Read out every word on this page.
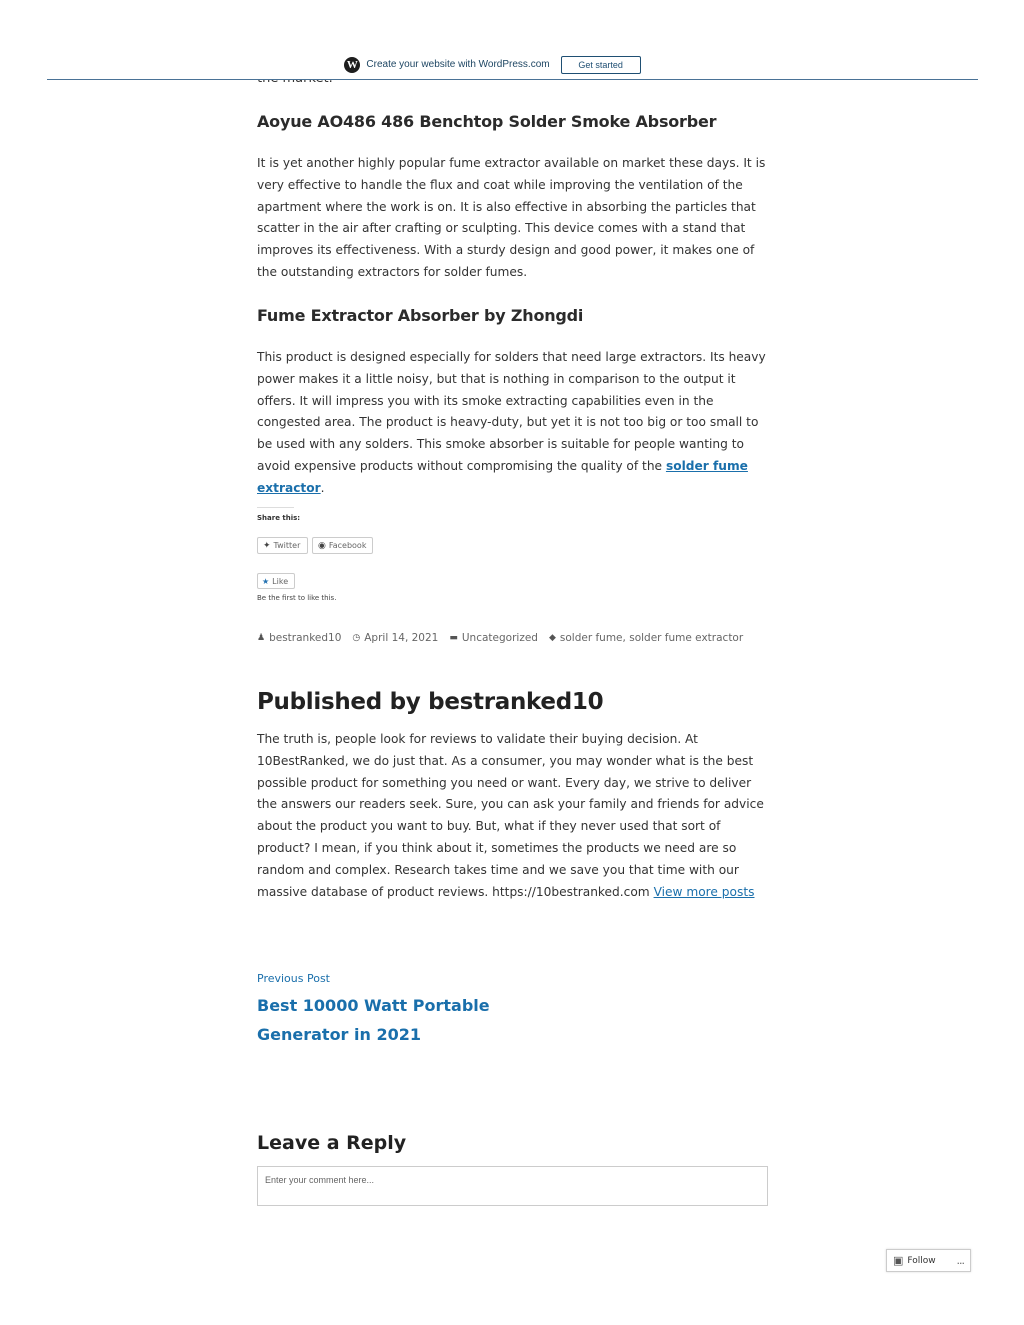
W Create your website with WordPress.com	Get started
Aoyue AO486 486 Benchtop Solder Smoke Absorber

It is yet another highly popular fume extractor available on market these days. It is very effective to handle the flux and coat while improving the ventilation of the apartment where the work is on. It is also effective in absorbing the particles that scatter in the air after crafting or sculpting. This device comes with a stand that improves its effectiveness. With a sturdy design and good power, it makes one of the outstanding extractors for solder fumes.

Fume Extractor Absorber by Zhongdi

This product is designed especially for solders that need large extractors. Its heavy power makes it a little noisy, but that is nothing in comparison to the output it offers. It will impress you with its smoke extracting capabilities even in the congested area. The product is heavy-duty, but yet it is not too big or too small to be used with any solders. This smoke absorber is suitable for people wanting to avoid expensive products without compromising the quality of the solder fume extractor.

Share this:
✦ Twitter ◉ Facebook
★ Like
Be the first to like this.
♟ bestranked10 ◷ April 14, 2021 ▬ Uncategorized ◆ solder fume , solder fume extractor
Published by bestranked10

The truth is, people look for reviews to validate their buying decision. At 10BestRanked, we do just that. As a consumer, you may wonder what is the best possible product for something you need or want. Every day, we strive to deliver the answers our readers seek. Sure, you can ask your family and friends for advice about the product you want to buy. But, what if they never used that sort of product? I mean, if you think about it, sometimes the products we need are so random and complex. Research takes time and we save you that time with our massive database of product reviews. https://10bestranked.com View more posts

Previous Post
Best 10000 Watt Portable Generator in 2021
Leave a Reply
Enter your comment here...
▣ Follow ...
